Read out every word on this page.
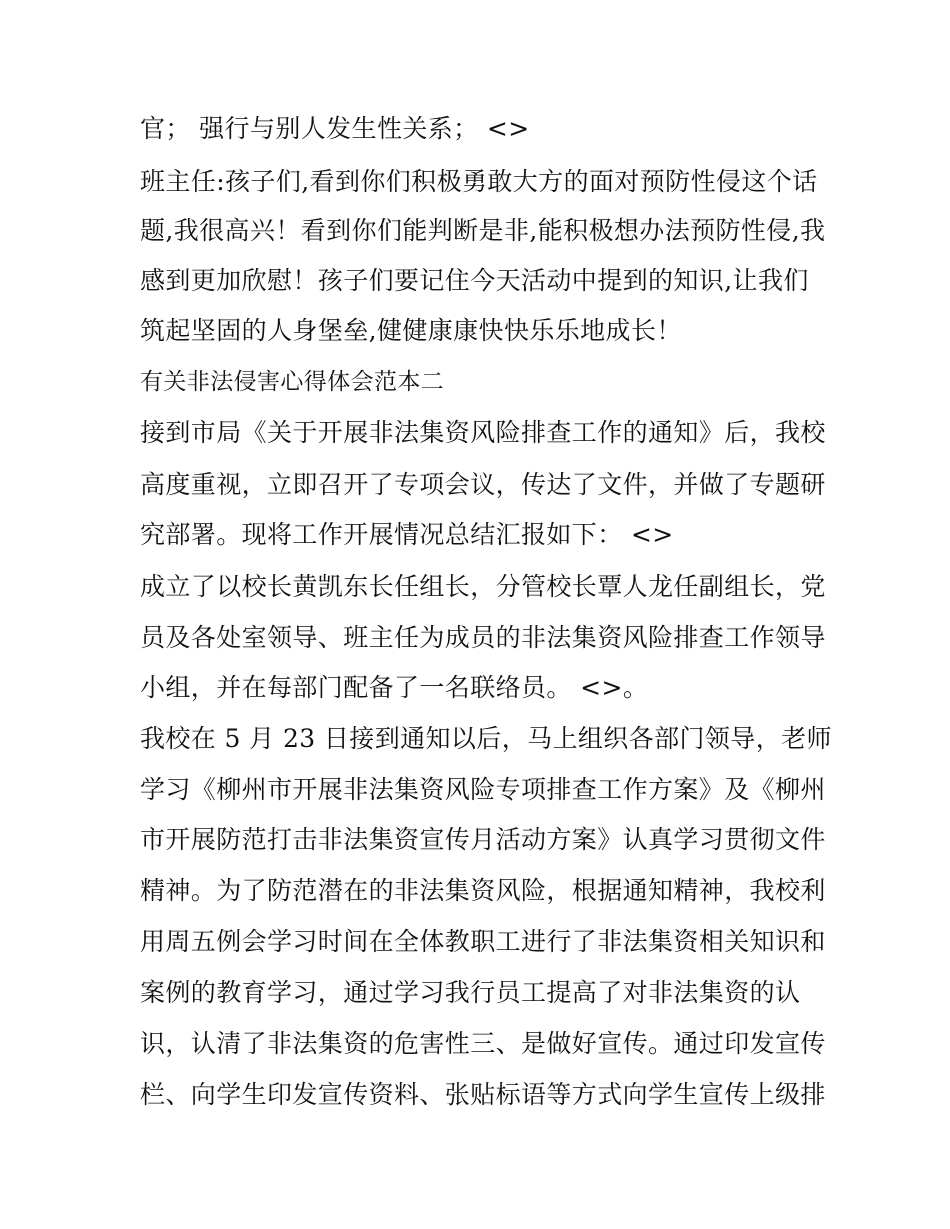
官； 强行与别人发生性关系； <>
班主任:孩子们,看到你们积极勇敢大方的面对预防性侵这个话
题,我很高兴！看到你们能判断是非,能积极想办法预防性侵,我
感到更加欣慰！孩子们要记住今天活动中提到的知识,让我们
筑起坚固的人身堡垒,健健康康快快乐乐地成长！
有关非法侵害心得体会范本二
接到市局《关于开展非法集资风险排查工作的通知》后，我校
高度重视，立即召开了专项会议，传达了文件，并做了专题研
究部署。现将工作开展情况总结汇报如下： <>
成立了以校长黄凯东长任组长，分管校长覃人龙任副组长，党
员及各处室领导、班主任为成员的非法集资风险排查工作领导
小组，并在每部门配备了一名联络员。 <>。
我校在 5 月 23 日接到通知以后，马上组织各部门领导，老师
学习《柳州市开展非法集资风险专项排查工作方案》及《柳州
市开展防范打击非法集资宣传月活动方案》认真学习贯彻文件
精神。为了防范潜在的非法集资风险，根据通知精神，我校利
用周五例会学习时间在全体教职工进行了非法集资相关知识和
案例的教育学习，通过学习我行员工提高了对非法集资的认
识，认清了非法集资的危害性三、是做好宣传。通过印发宣传
栏、向学生印发宣传资料、张贴标语等方式向学生宣传上级排
